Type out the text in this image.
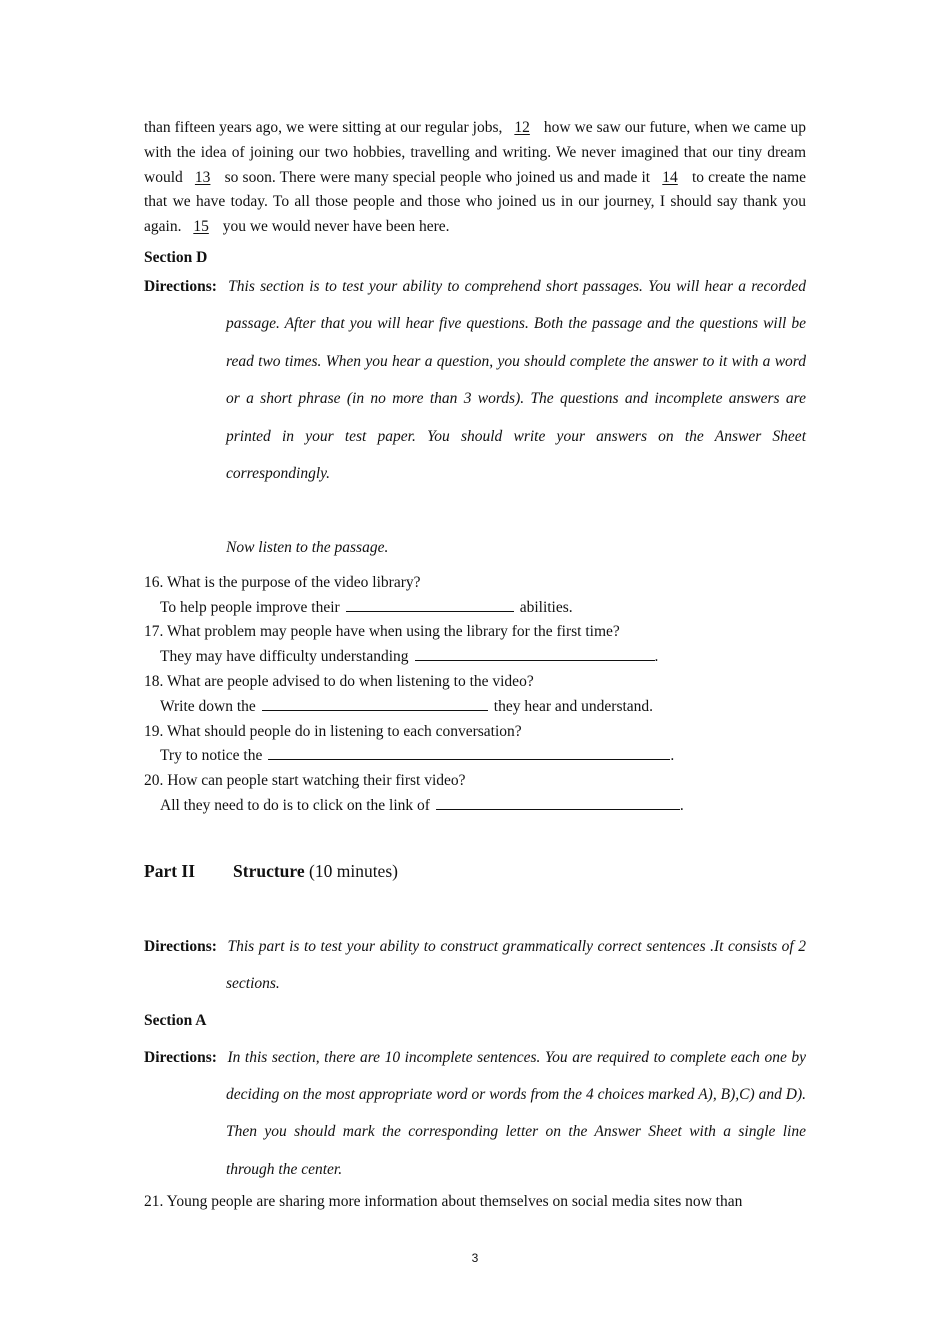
than fifteen years ago, we were sitting at our regular jobs, 12 how we saw our future, when we came up with the idea of joining our two hobbies, travelling and writing. We never imagined that our tiny dream would 13 so soon. There were many special people who joined us and made it 14 to create the name that we have today. To all those people and those who joined us in our journey, I should say thank you again. 15 you we would never have been here.

Section D

Directions: This section is to test your ability to comprehend short passages. You will hear a recorded passage. After that you will hear five questions. Both the passage and the questions will be read two times. When you hear a question, you should complete the answer to it with a word or a short phrase (in no more than 3 words). The questions and incomplete answers are printed in your test paper. You should write your answers on the Answer Sheet correspondingly.

Now listen to the passage.

16. What is the purpose of the video library?

To help people improve their	abilities.

17. What problem may people have when using the library for the first time?

They may have difficulty understanding	.

18. What are people advised to do when listening to the video?

Write down the	they hear and understand.

19. What should people do in listening to each conversation?

Try to notice the	.

20. How can people start watching their first video?

All they need to do is to click on the link of	.

Part II Structure (10 minutes)

Directions: This part is to test your ability to construct grammatically correct sentences .It consists of 2 sections.

Section A

Directions: In this section, there are 10 incomplete sentences. You are required to complete each one by deciding on the most appropriate word or words from the 4 choices marked A), B),C) and D). Then you should mark the corresponding letter on the Answer Sheet with a single line through the center.

21. Young people are sharing more information about themselves on social media sites now than

3
